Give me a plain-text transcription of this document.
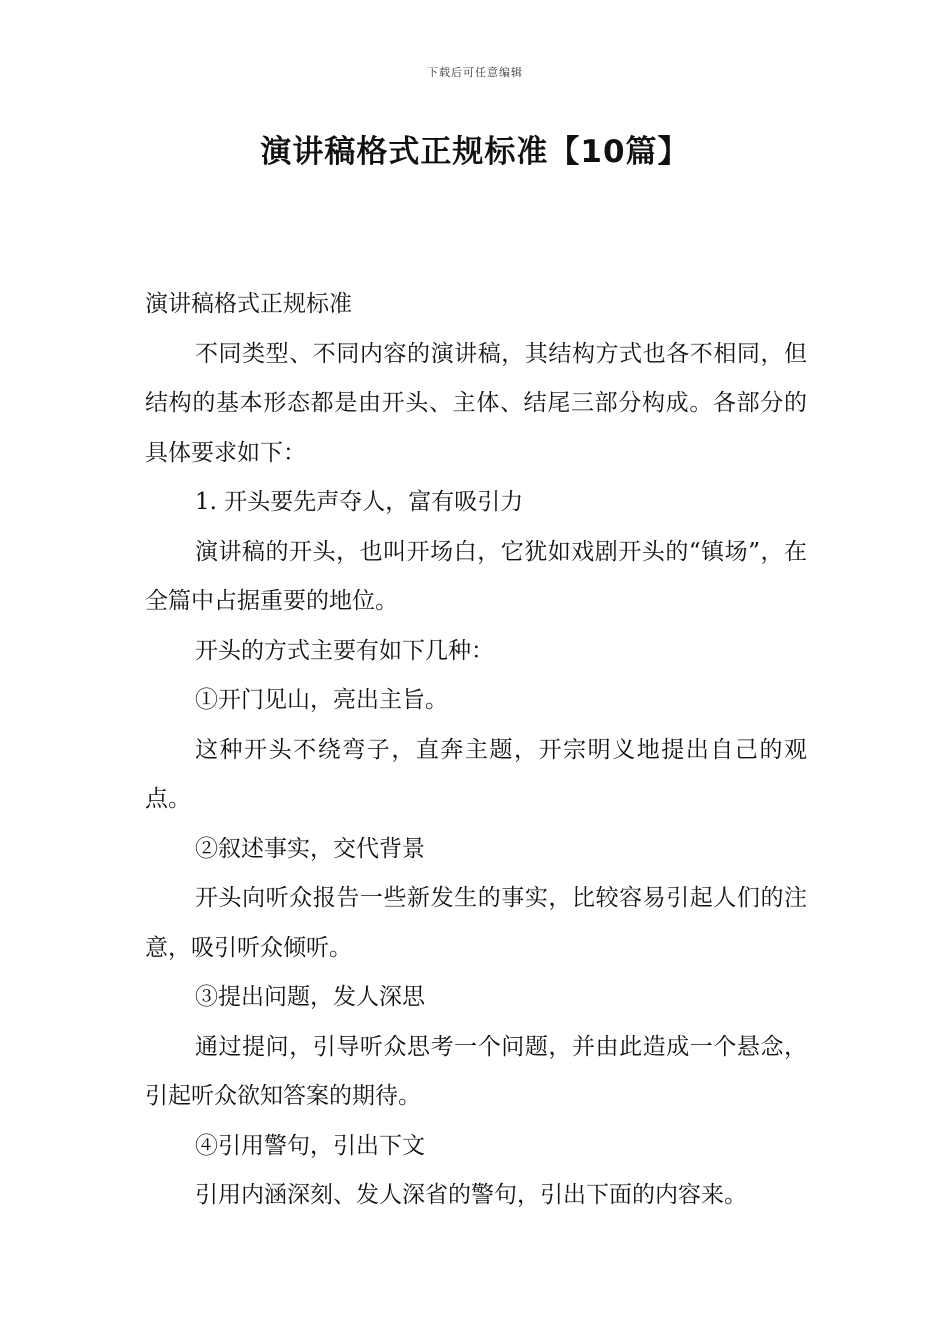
下载后可任意编辑
演讲稿格式正规标准【10篇】

演讲稿格式正规标准

不同类型、不同内容的演讲稿，其结构方式也各不相同，但结构的基本形态都是由开头、主体、结尾三部分构成。各部分的具体要求如下：

1. 开头要先声夺人，富有吸引力

演讲稿的开头，也叫开场白，它犹如戏剧开头的“镇场”，在全篇中占据重要的地位。

开头的方式主要有如下几种：

①开门见山，亮出主旨。

这种开头不绕弯子，直奔主题，开宗明义地提出自己的观点。

②叙述事实，交代背景

开头向听众报告一些新发生的事实，比较容易引起人们的注意，吸引听众倾听。

③提出问题，发人深思

通过提问，引导听众思考一个问题，并由此造成一个悬念，引起听众欲知答案的期待。

④引用警句，引出下文

引用内涵深刻、发人深省的警句，引出下面的内容来。
